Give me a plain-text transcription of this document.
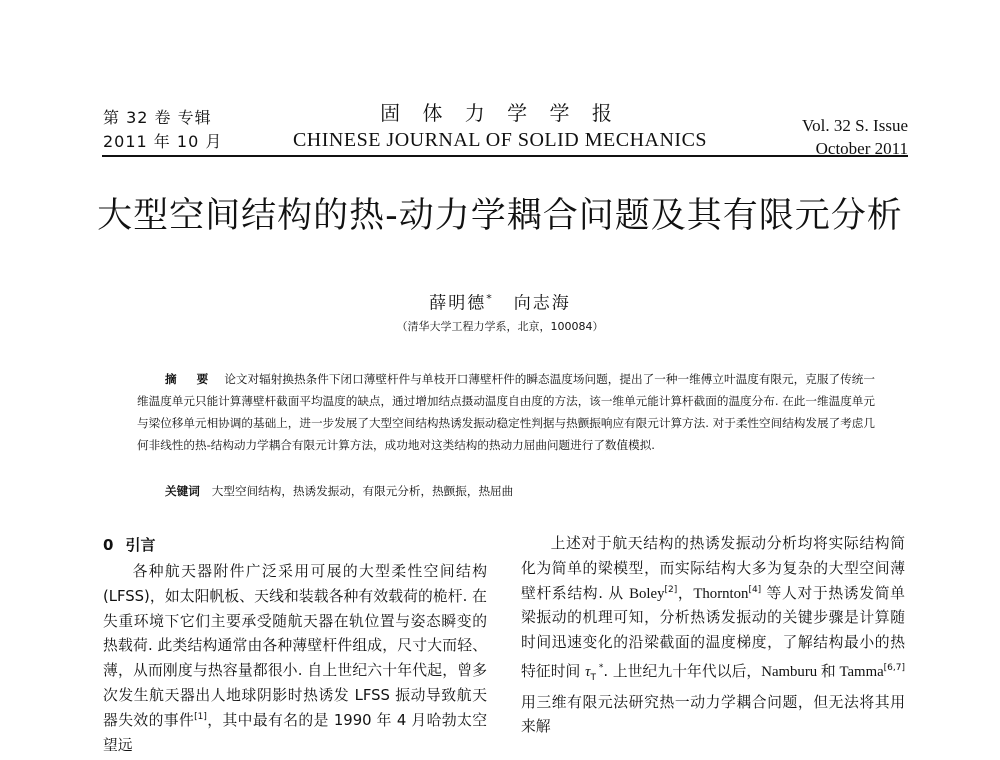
第 32 卷 专辑
2011 年 10 月
固 体 力 学 学 报
CHINESE JOURNAL OF SOLID MECHANICS
Vol. 32 S. Issue
October 2011
大型空间结构的热-动力学耦合问题及其有限元分析
薛明德* 向志海
（清华大学工程力学系，北京，100084）
摘 要 论文对辐射换热条件下闭口薄壁杆件与单枝开口薄壁杆件的瞬态温度场问题，提出了一种一维傅立叶温度有限元，克服了传统一维温度单元只能计算薄壁杆截面平均温度的缺点，通过增加结点摄动温度自由度的方法，该一维单元能计算杆截面的温度分布. 在此一维温度单元与梁位移单元相协调的基础上，进一步发展了大型空间结构热诱发振动稳定性判据与热颤振响应有限元计算方法. 对于柔性空间结构发展了考虑几何非线性的热-结构动力学耦合有限元计算方法，成功地对这类结构的热动力屈曲问题进行了数值模拟.
关键词 大型空间结构，热诱发振动，有限元分析，热颤振，热屈曲
0 引言

各种航天器附件广泛采用可展的大型柔性空间结构(LFSS)，如太阳帆板、天线和装载各种有效载荷的桅杆. 在失重环境下它们主要承受随航天器在轨位置与姿态瞬变的热载荷. 此类结构通常由各种薄壁杆件组成，尺寸大而轻、薄，从而刚度与热容量都很小. 自上世纪六十年代起，曾多次发生航天器出人地球阴影时热诱发 LFSS 振动导致航天器失效的事件[1]，其中最有名的是 1990 年 4 月哈勃太空望远

上述对于航天结构的热诱发振动分析均将实际结构简化为简单的梁模型，而实际结构大多为复杂的大型空间薄壁杆系结构. 从 Boley[2]，Thornton[4] 等人对于热诱发简单梁振动的机理可知，分析热诱发振动的关键步骤是计算随时间迅速变化的沿梁截面的温度梯度，了解结构最小的热特征时间 $\tau_T$ *. 上世纪九十年代以后，Namburu 和 Tamma[6,7] 用三维有限元法研究热一动力学耦合问题，但无法将其用来解
